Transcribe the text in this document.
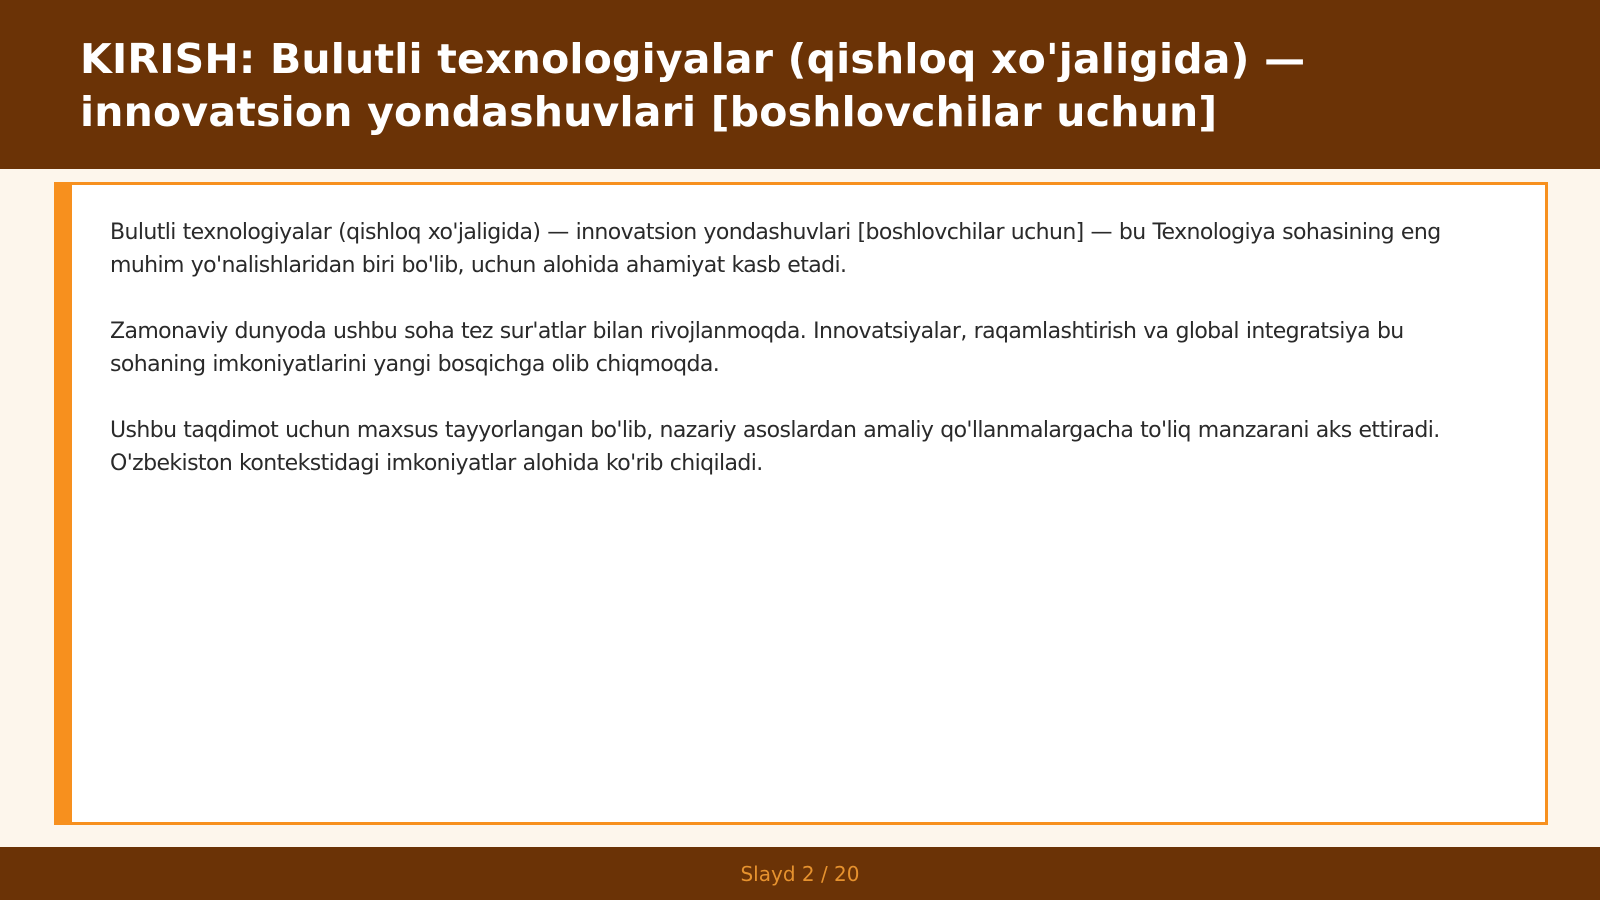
KIRISH: Bulutli texnologiyalar (qishloq xo'jaligida) — innovatsion yondashuvlari [boshlovchilar uchun]

Bulutli texnologiyalar (qishloq xo'jaligida) — innovatsion yondashuvlari [boshlovchilar uchun] — bu Texnologiya sohasining eng muhim yo'nalishlaridan biri bo'lib, uchun alohida ahamiyat kasb etadi.

Zamonaviy dunyoda ushbu soha tez sur'atlar bilan rivojlanmoqda. Innovatsiyalar, raqamlashtirish va global integratsiya bu sohaning imkoniyatlarini yangi bosqichga olib chiqmoqda.

Ushbu taqdimot uchun maxsus tayyorlangan bo'lib, nazariy asoslardan amaliy qo'llanmalargacha to'liq manzarani aks ettiradi. O'zbekiston kontekstidagi imkoniyatlar alohida ko'rib chiqiladi.

Slayd 2 / 20
